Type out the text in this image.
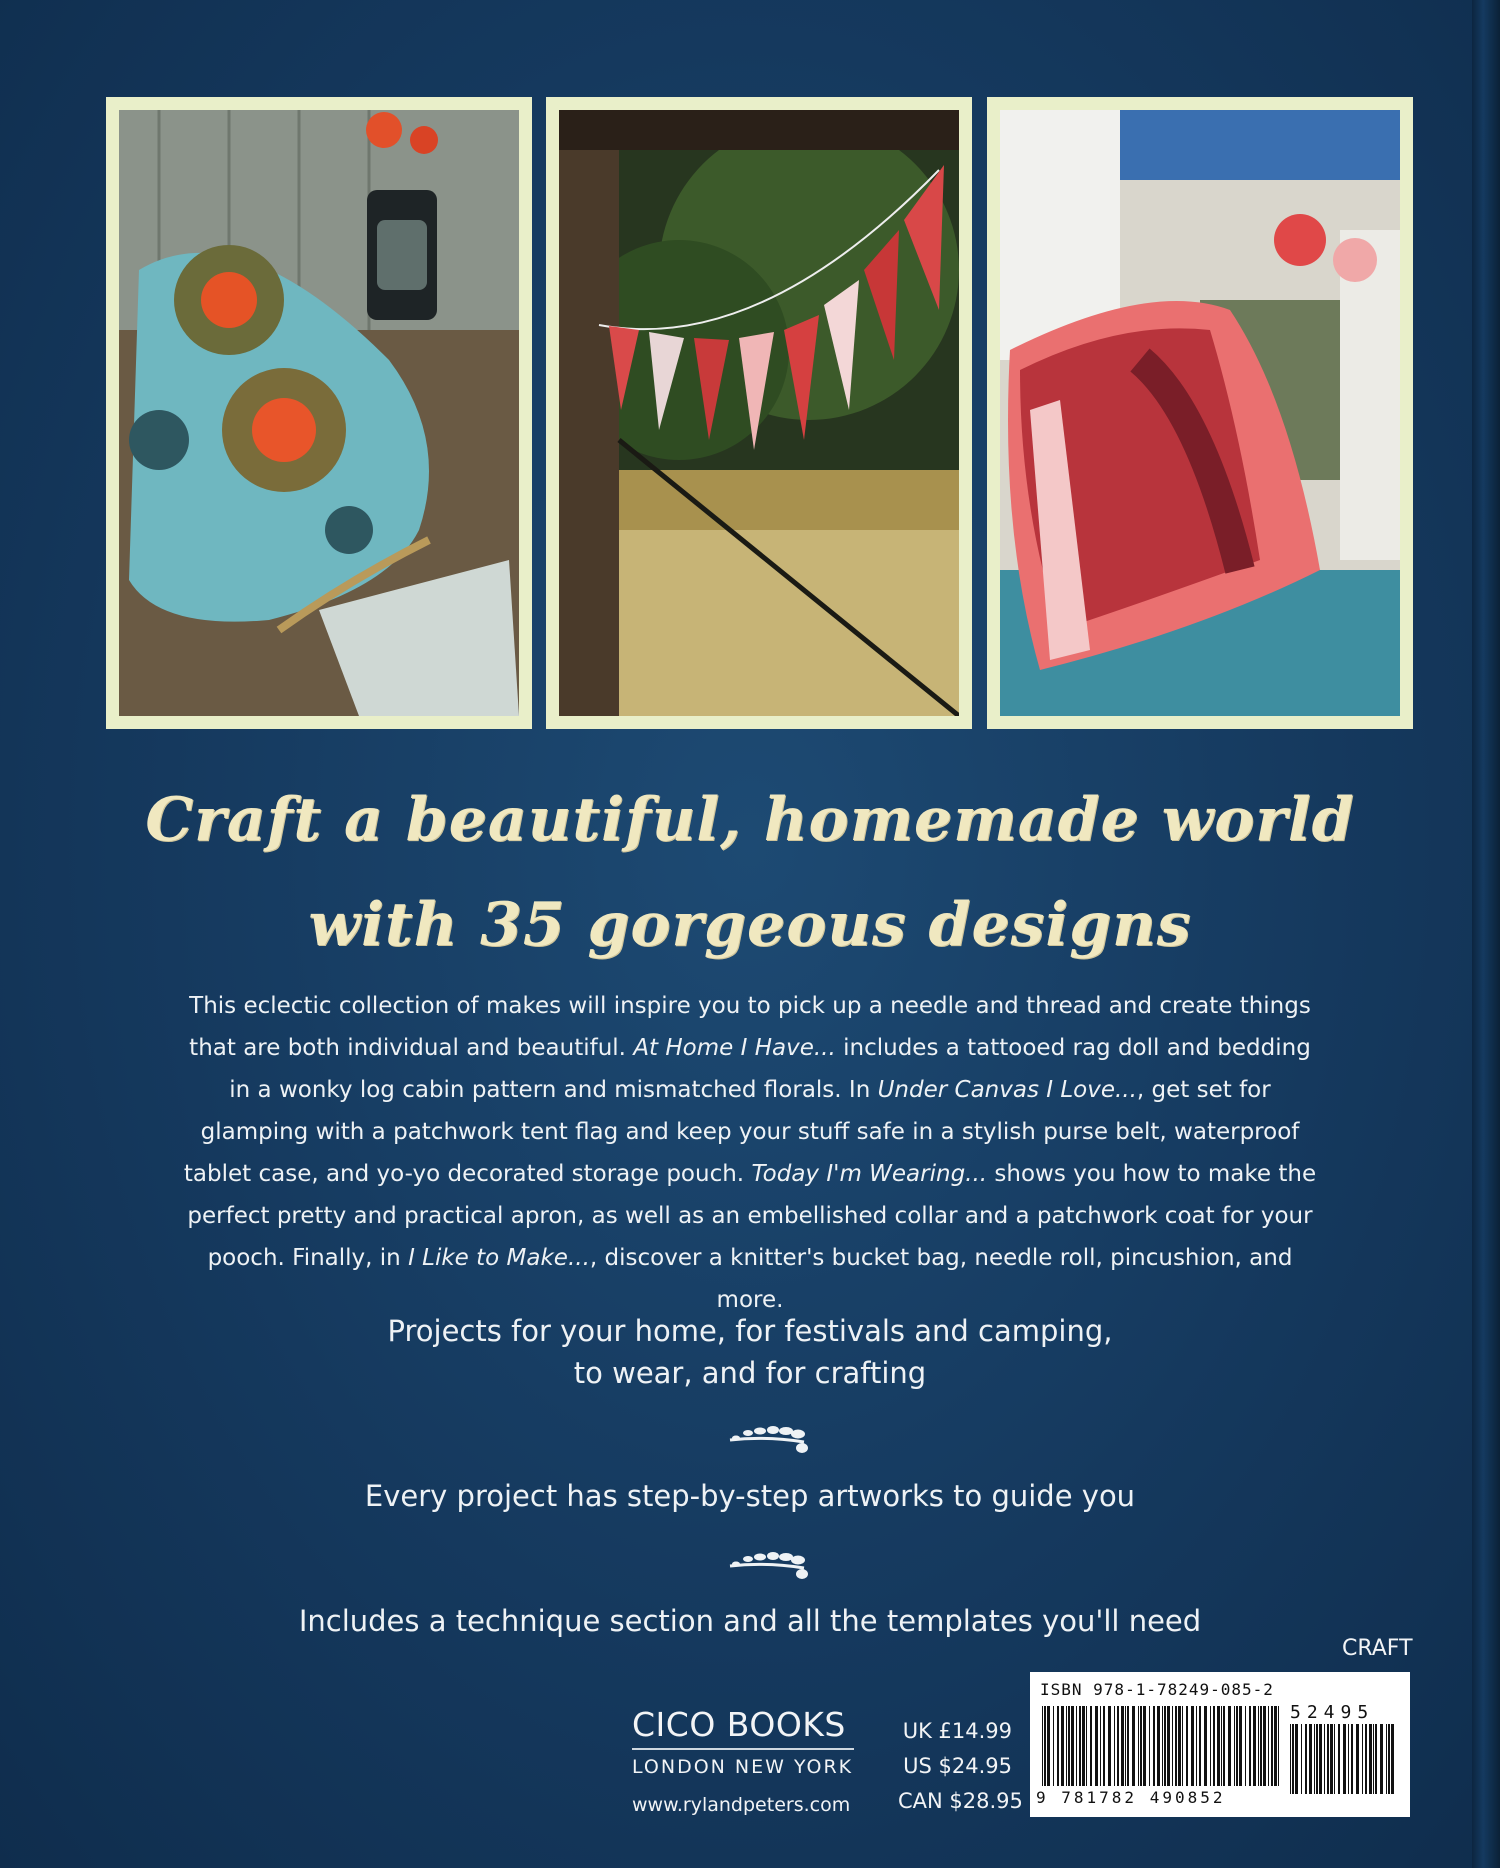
Craft a beautiful, homemade world
with 35 gorgeous designs

This eclectic collection of makes will inspire you to pick up a needle and thread and create things that are both individual and beautiful. At Home I Have... includes a tattooed rag doll and bedding in a wonky log cabin pattern and mismatched florals. In Under Canvas I Love..., get set for glamping with a patchwork tent flag and keep your stuff safe in a stylish purse belt, waterproof tablet case, and yo-yo decorated storage pouch. Today I'm Wearing... shows you how to make the perfect pretty and practical apron, as well as an embellished collar and a patchwork coat for your pooch. Finally, in I Like to Make..., discover a knitter's bucket bag, needle roll, pincushion, and more.

Projects for your home, for festivals and camping,
to wear, and for crafting
Every project has step-by-step artworks to guide you
Includes a technique section and all the templates you'll need
CRAFT
CICO BOOKS
LONDON NEW YORK
www.rylandpeters.com
UK £14.99
US $24.95
CAN $28.95
ISBN 978-1-78249-085-2
52495
9 781782 490852
